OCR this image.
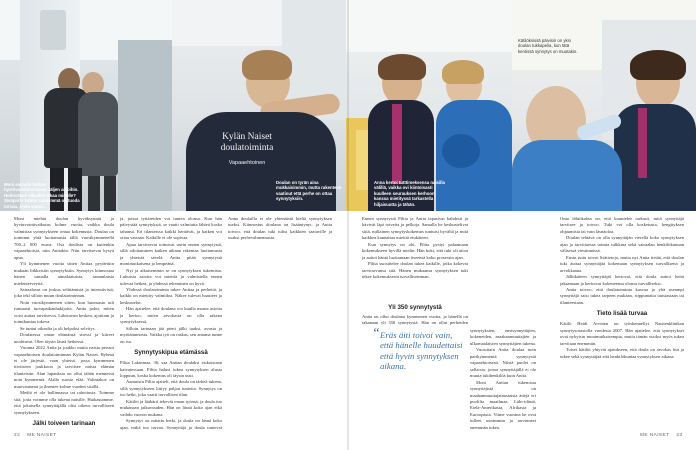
Moni sairaala kulkee hyvinvointioloissaan Jäljen aikoihin. Hoitoväkeä olikaikki aikaa minulle? Sisäpiirin tarkka saiakimmä on tuoda turvaa, Anita sanoo.
Kylän Naiset
doulatoiminta
Vapaaehtoinen
Doulan on tyrän aina mukkaisimmin, mutta rakenteen vaatinut että perhe on ottaa synnytyksiin.
Anna kertoi tutttimeksensa naisilla välillä, vaikka ovi kiintoisasti kuulleen seurauksen kerhoon kanssa mietityssä tarkastella hiljaisuutta ja tähän.
Kätilöksissä päivisin on yksi doulan tukkapelia, kun tätä kentissä synnytys on muutakin.

Moni miehiä doulan hyväksynnät ja hyvinvointivaikutus kolme vuotta, vaikka doula valmistaa synnytykseen omaa kokemusta. Doulaa on toiminut yhtä luottamusta tällä vuosikymmenellä 700–2 000 euroa. Osa doulista on kuitenkin vapaaehtoisia, niin Anitakin. Niin tarvitsevat kysyä apua.

Yli kymmenen vuotta sitten Anitaa pyydettiin mukaan liikkeisiin synnytyksiin. Synnytys kiinnostaa hänen samalla ainutlaatuista, samanlaista mielenterveyttä.

Sairaalassa on joskus selittämistä ja intensiivistä, joka teki silloin muun doulatoiminnan.

Noin vuosikymmenen sitten, kun huomasin tuli runsaasti turvapaikanhakijoita, Anita pohti, miten voisi auttaa tarvitsevia. Lähisuvun kesken, ajoittain ja toimikuntaa tukeva.

Se tuntui oikealta ja oli helpoksi selvitys.

Doulatessa oman elämänsä stressi ja kiireet unohtuvat. Olen täysin läsnä hetkessä.

Vuonna 2022 Anita ja joukko muita naisia perusti vapaaehtoisen doulatoiminnan Kylän Naiset. Ryhmä ei ole järjestö, vaan yhteisö, jossa kymmenen tiiviiseen joukkoon ja tarvitsee naisia elämän tilanteisiin. Alan lupauksia on ollut tähän mennessä noin kymmeniä. Alalla suosio elää. Valintakoe on muovautunut ja ilmenee kolme vuoden sisällä.

Mediä ei ole hallinnassa tai rahoitusta. Toimme sitä, jotta voimme olla tukena naisille. Huikastamme, että jokaisella synnyttäjällä olisi oikeus turvalliseen synnytykseen.

Jälki toiveen tarinaan

ja, joissa tyttäreiden voi tuntea olonsa. Kun hän päivystää synnytyksiä, se vaatii valmiutta lähteä koska tahansa. Eri tilanteissa kaikki heräävät, ja kaiken voi ottaa vastaan. Kaikille ei ole sopivaa.

Apua tarvitsevat toimivat usein ennen synnytystä, sillä odottaminen kaiken aikaan rakentaa luottamusta ja yhteistä sävelä. Anita pitää synnytystä monimutkaisena ja lempeänä.

Nyt ja aikaisemmin se on synnytyksen tukemista. Lukuisia asioita voi miettiä ja valmistella ennen tulevaa hetkeä, ja yhdessä tekeminen on hyvä.

Yhdessä doulatoiminta tukee Anitaa ja perhettä, ja kaikki on mietitty valmiiksi. Näkee tulevat haasteet ja keskustelut.

Hän ajattelee, että doulana voi kuulla monia asioita ja kertoo, miten arvokasta on olla tukena synnytyksessä.

Silloin tarinaan jää pieni jälki taaksi, avusta ja myötätunnosta. Vaikka työ on raskas, sen antama tunne on iso.

Synnytyskipua etämässä

Piltia Lakinmaa, 36, saa Anitan doulaksi esikoistaan kaivatessaan. Piltia halusi tukea synnytyksen alusta loppuun, koska kokemus oli täysin uusi.

Aamuisin Piltia ajatteli, että doula on tärkeä tukena, sillä synnytykseen liittyy paljon tunteita. Synnytys on iso hetki, joka vaatii turvallisen tilan.

Kätilöt ja lääkärit tekevät oman työnsä, ja doula tuo mukanaan jatkuvuuden. Hän on läsnä koko ajan eikä vaihdu vuoron mukana.

Synnytys on mitattu hetki, ja doula on läsnä koko ajan, mikä tuo turvaa. Synnyttäjä ja doula tuntevat

Anna doulailla ei ole yhtenäistä kieltä synnytyksen tueksi. Kiinnostus doulana on lisääntynyt, ja Anita toivoo, että doulan tuki tulisi kaikkien saataville ja osaksi perhevalmennusta.

Ennen synnytystä Piltia ja Anita tapasivat kahdesti ja kävivät läpi toiveita ja pelkoja. Samalla he keskustelivat siitä, millainen synnytyskokemus tuntuisi hyvältä ja mitä kaikkea kannattaa miettiä etukäteen.

Kun synnytys on ohi, Piltia pystyi palaamaan kokemukseen hyvillä mielin. Hän koki, että tuki oli aitoa ja auttoi häntä luottamaan itseensä koko prosessin ajan.

Piltia suosittelee doulan tukea kaikille, jotka kokevat tarvitsevansa sitä. Hänen mukaansa synnytyksen tuki tekee kokemuksesta turvallisemman.

Yli 350 synnytystä

Anita on ollut doulana kymmenen vuotta, ja hänellä on takanaan yli 350 synnytystä. Hän on ollut perheiden

“ Eräs äiti toivoi vain, että hänelle huudettaisi että hyvin synnytyksen aikana.

synnytyksien, ensisynnyttäjien, kokeneiden, maahanmuuttajien ja ulkomaalaisten synnyttäjien tukena.

Vuosittain Anita doulaa noin parikymmentä synnytystä vapaaehtoisesti. Niistä puolet on sellaisia, joissa synnyttäjällä ei ole muuta tukihenkilöä kuin Anita.

Moni Anitan tukemista synnyttäjistä on maahanmuuttajataustaisia äitejä eri puolilta maailmaa. Lähi-idästä, Etelä-Amerikasta, Afrikasta ja Euroopasta. Viime vuosina he ovat tulleet useammin ja tarvinneet enemmän tukea.

Oma lähtökohta on, että kuuntelee tarkasti, mitä synnyttäjä tarvitsee ja toivoo. Tuki voi olla kosketusta, hengityksen ohjaamista tai vain läsnäoloa.

Doulan tehtävä on olla synnyttäjän vierellä koko synnytyksen ajan ja tarvittaessa toimia tulkkina sekä sairaalan henkilökunnan välisessä viestinnässä.

Ensin tuttu toivoi lisätietoja, mutta nyt Anita tietää, että doulan tuki auttaa synnyttäjää kokemaan synnytyksen turvallisena ja arvokkaana.

Jälkikäteen synnyttäjät kertovat, että doula auttoi heitä jaksamaan ja kertoivat kokeneensa olonsa turvalliseksi.

Anita toivoo, että doulatoiminta kasvaa ja yhä useampi synnyttäjä saisi tukea tarpeen mukaan, riippumatta taustastaan tai tilanteestaan.

Tieto lisää turvaa

Kätilö Heidi Arvinen on työskennellyt Naistenklinikan synnytysosastolla vuodesta 2007. Hän ajattelee, että synnytykset ovat nykyisin monimutkaisempia, mutta tämän vuoksi myös tukea tarvitaan enemmän.

Toiset kätilöt yhtyvät ajatukseen, että doula on arvokas lisä ja tukee sekä synnyttäjää että henkilökuntaa synnytyksen aikana.

22 ME NAISET	ME NAISET 23
